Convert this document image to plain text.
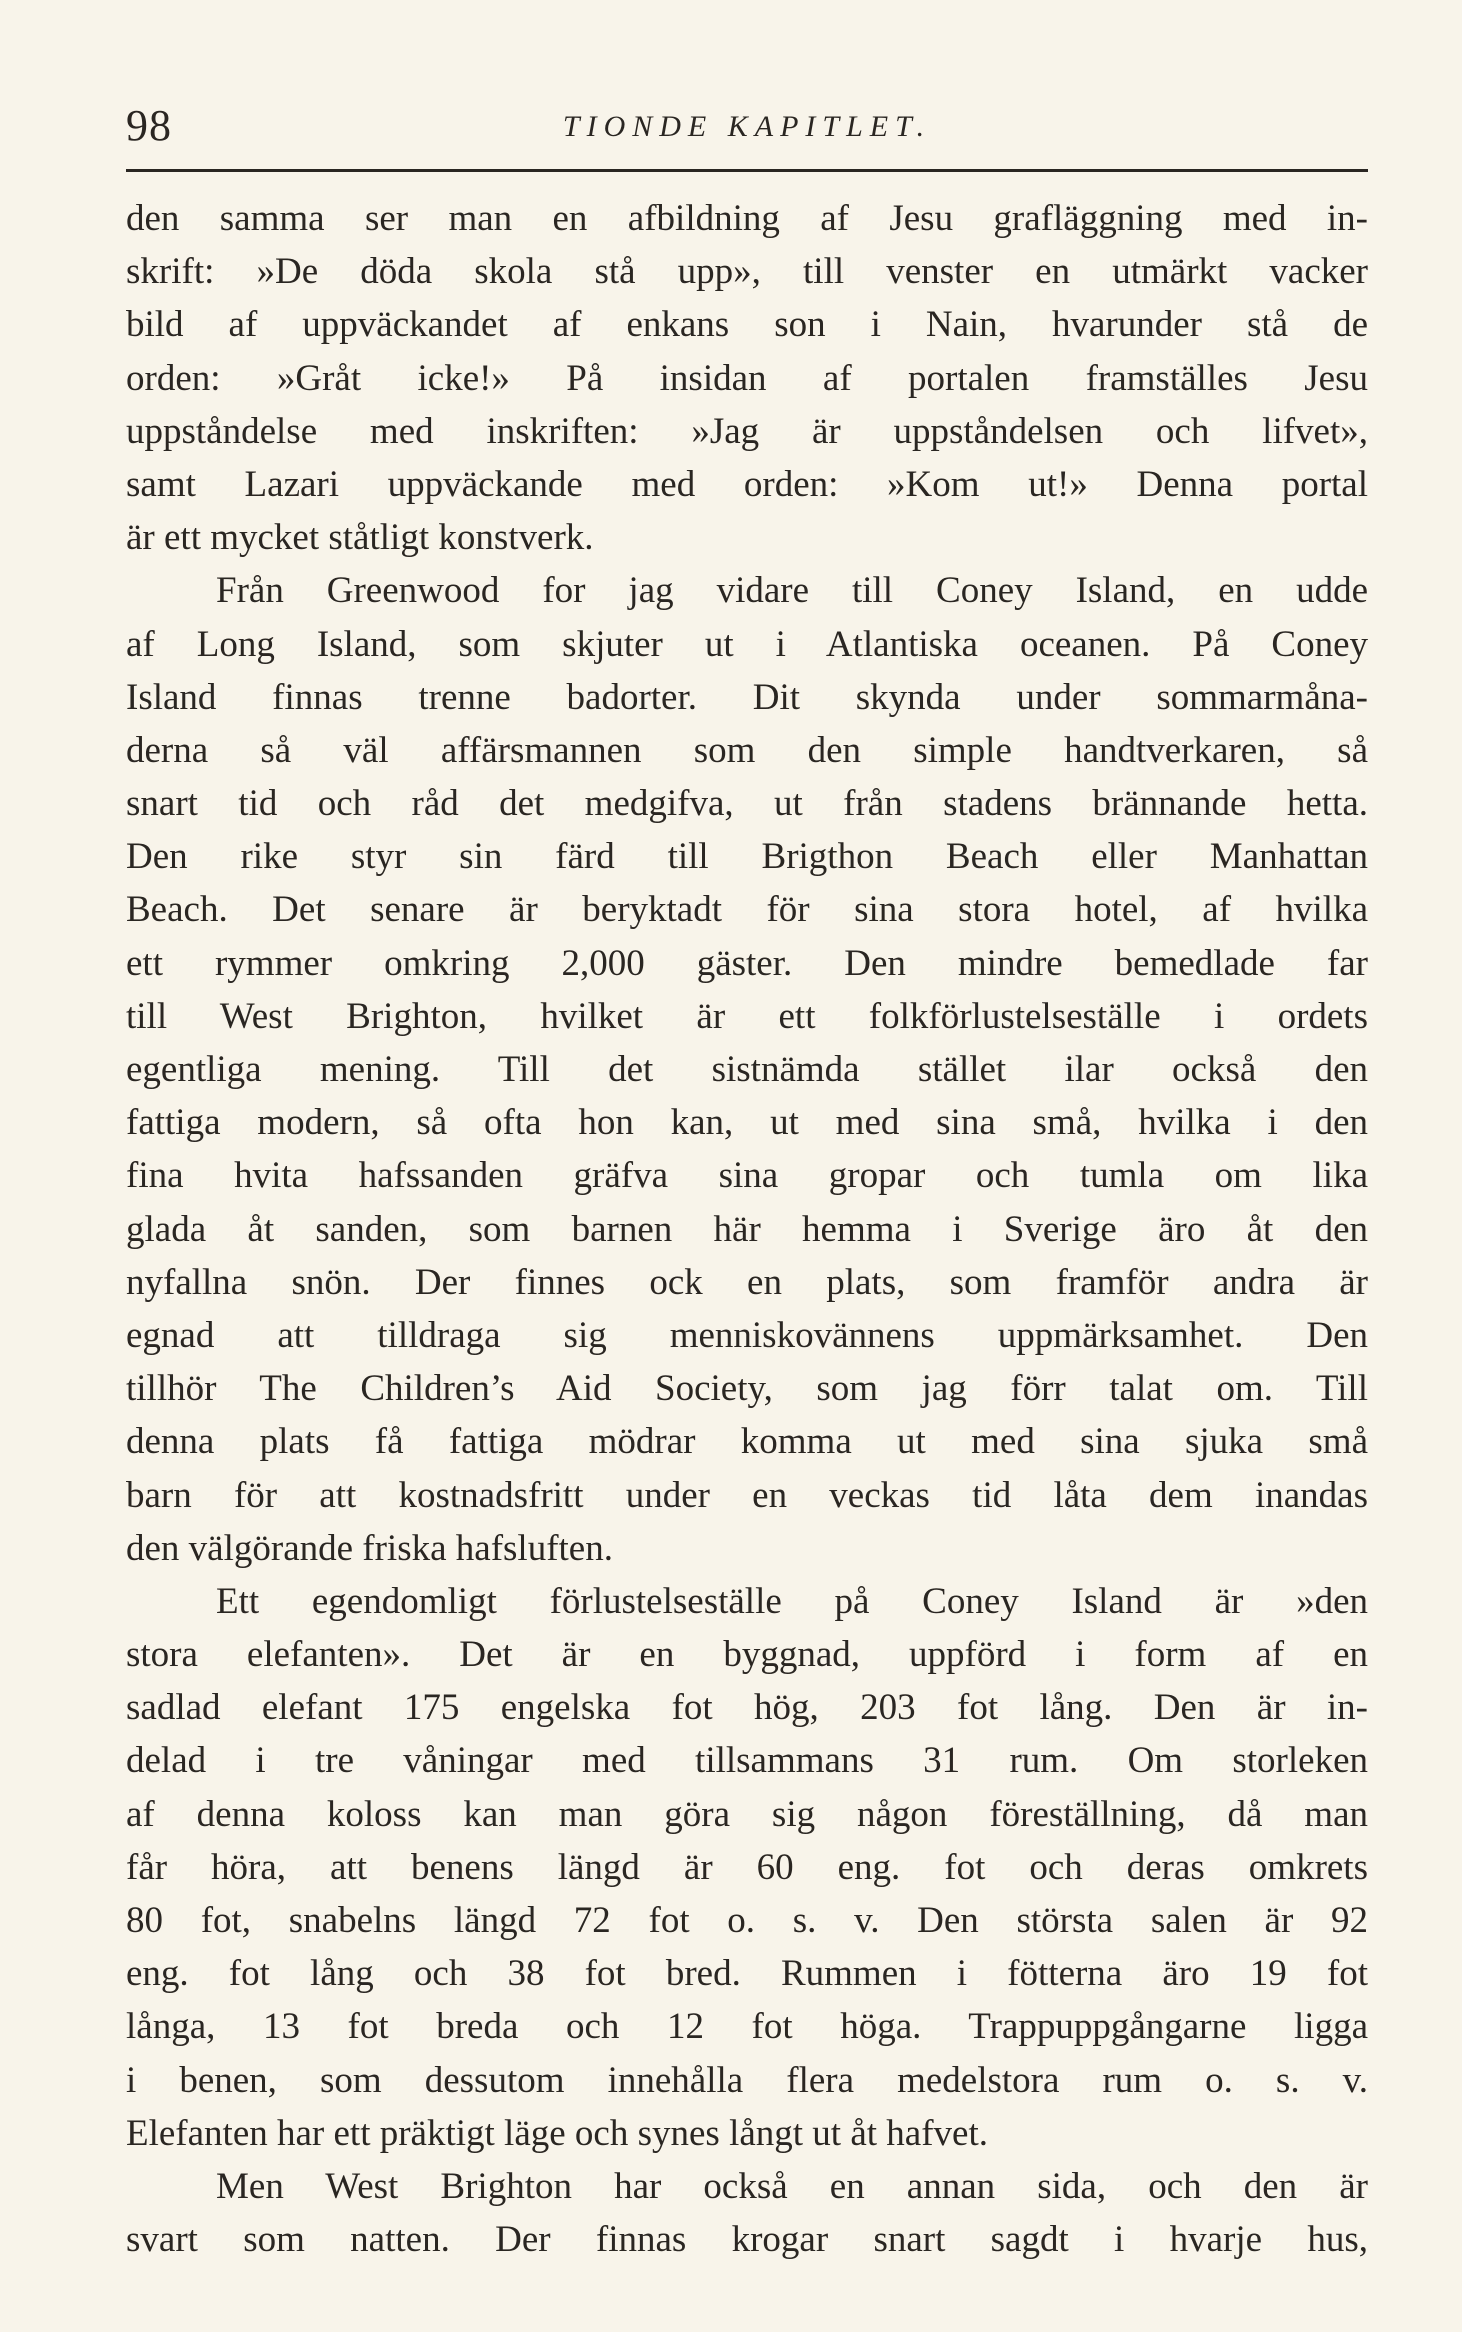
98	TIONDE KAPITLET.
den samma ser man en afbildning af Jesu grafläggning med in-
skrift: »De döda skola stå upp», till venster en utmärkt vacker
bild af uppväckandet af enkans son i Nain, hvarunder stå de
orden: »Gråt icke!» På insidan af portalen framställes Jesu
uppståndelse med inskriften: »Jag är uppståndelsen och lifvet»,
samt Lazari uppväckande med orden: »Kom ut!» Denna portal
är ett mycket ståtligt konstverk.
Från Greenwood for jag vidare till Coney Island, en udde
af Long Island, som skjuter ut i Atlantiska oceanen. På Coney
Island finnas trenne badorter. Dit skynda under sommarmåna-
derna så väl affärsmannen som den simple handtverkaren, så
snart tid och råd det medgifva, ut från stadens brännande hetta.
Den rike styr sin färd till Brigthon Beach eller Manhattan
Beach. Det senare är beryktadt för sina stora hotel, af hvilka
ett rymmer omkring 2,000 gäster. Den mindre bemedlade far
till West Brighton, hvilket är ett folkförlustelseställe i ordets
egentliga mening. Till det sistnämda stället ilar också den
fattiga modern, så ofta hon kan, ut med sina små, hvilka i den
fina hvita hafssanden gräfva sina gropar och tumla om lika
glada åt sanden, som barnen här hemma i Sverige äro åt den
nyfallna snön. Der finnes ock en plats, som framför andra är
egnad att tilldraga sig menniskovännens uppmärksamhet. Den
tillhör The Children’s Aid Society, som jag förr talat om. Till
denna plats få fattiga mödrar komma ut med sina sjuka små
barn för att kostnadsfritt under en veckas tid låta dem inandas
den välgörande friska hafsluften.
Ett egendomligt förlustelseställe på Coney Island är »den
stora elefanten». Det är en byggnad, uppförd i form af en
sadlad elefant 175 engelska fot hög, 203 fot lång. Den är in-
delad i tre våningar med tillsammans 31 rum. Om storleken
af denna koloss kan man göra sig någon föreställning, då man
får höra, att benens längd är 60 eng. fot och deras omkrets
80 fot, snabelns längd 72 fot o. s. v. Den största salen är 92
eng. fot lång och 38 fot bred. Rummen i fötterna äro 19 fot
långa, 13 fot breda och 12 fot höga. Trappuppgångarne ligga
i benen, som dessutom innehålla flera medelstora rum o. s. v.
Elefanten har ett präktigt läge och synes långt ut åt hafvet.
Men West Brighton har också en annan sida, och den är
svart som natten. Der finnas krogar snart sagdt i hvarje hus,
